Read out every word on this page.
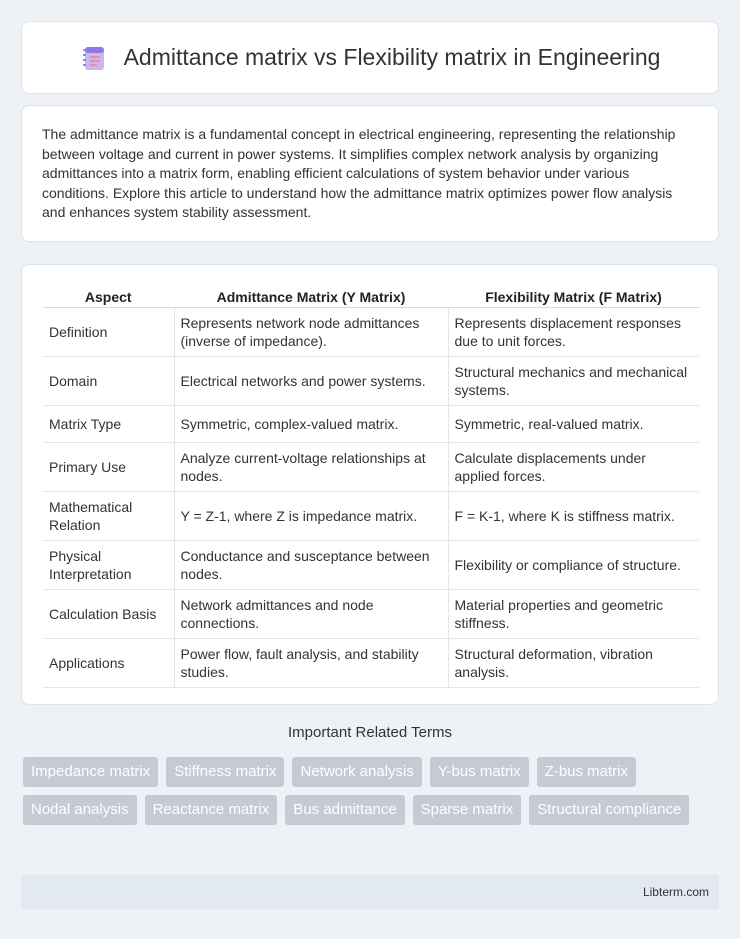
Admittance matrix vs Flexibility matrix in Engineering

The admittance matrix is a fundamental concept in electrical engineering, representing the relationship between voltage and current in power systems. It simplifies complex network analysis by organizing admittances into a matrix form, enabling efficient calculations of system behavior under various conditions. Explore this article to understand how the admittance matrix optimizes power flow analysis and enhances system stability assessment.

Aspect	Admittance Matrix (Y Matrix)	Flexibility Matrix (F Matrix)
Definition	Represents network node admittances (inverse of impedance).	Represents displacement responses due to unit forces.
Domain	Electrical networks and power systems.	Structural mechanics and mechanical systems.
Matrix Type	Symmetric, complex-valued matrix.	Symmetric, real-valued matrix.
Primary Use	Analyze current-voltage relationships at nodes.	Calculate displacements under applied forces.
Mathematical Relation	Y = Z-1, where Z is impedance matrix.	F = K-1, where K is stiffness matrix.
Physical Interpretation	Conductance and susceptance between nodes.	Flexibility or compliance of structure.
Calculation Basis	Network admittances and node connections.	Material properties and geometric stiffness.
Applications	Power flow, fault analysis, and stability studies.	Structural deformation, vibration analysis.
Important Related Terms
Impedance matrix	Stiffness matrix	Network analysis	Y-bus matrix	Z-bus matrix
Nodal analysis	Reactance matrix	Bus admittance	Sparse matrix	Structural compliance
Libterm.com
